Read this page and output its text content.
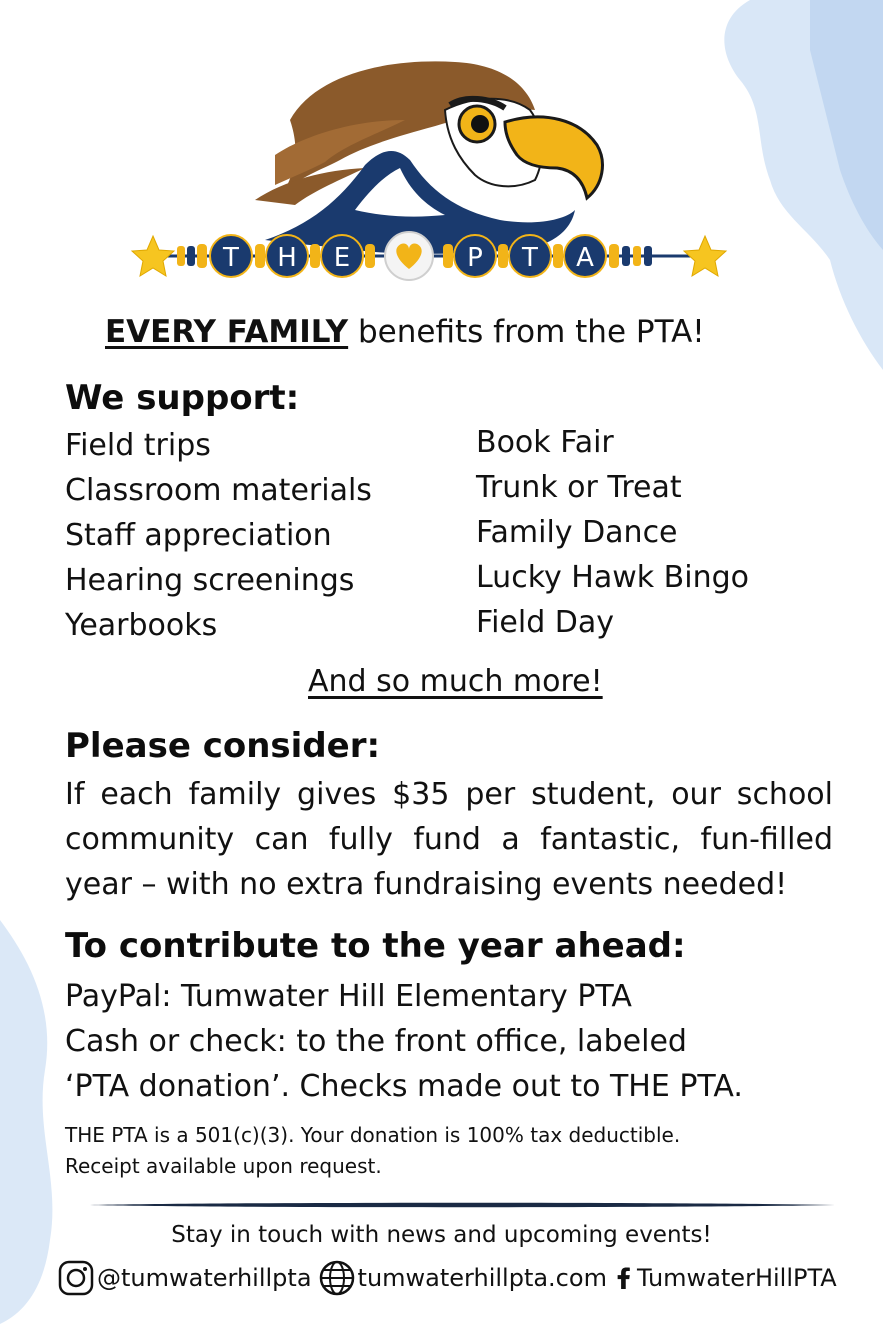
T H E	P T A
EVERY FAMILY benefits from the PTA!
We support:
Field trips
Classroom materials
Staff appreciation
Hearing screenings
Yearbooks
Book Fair
Trunk or Treat
Family Dance
Lucky Hawk Bingo
Field Day
And so much more!
Please consider:

If each family gives $35 per student, our school community can fully fund a fantastic, fun-filled year – with no extra fundraising events needed!

To contribute to the year ahead:
PayPal: Tumwater Hill Elementary PTA
Cash or check: to the front office, labeled
‘PTA donation’. Checks made out to THE PTA.
THE PTA is a 501(c)(3). Your donation is 100% tax deductible.
Receipt available upon request.
Stay in touch with news and upcoming events!
@tumwaterhillpta tumwaterhillpta.com TumwaterHillPTA
